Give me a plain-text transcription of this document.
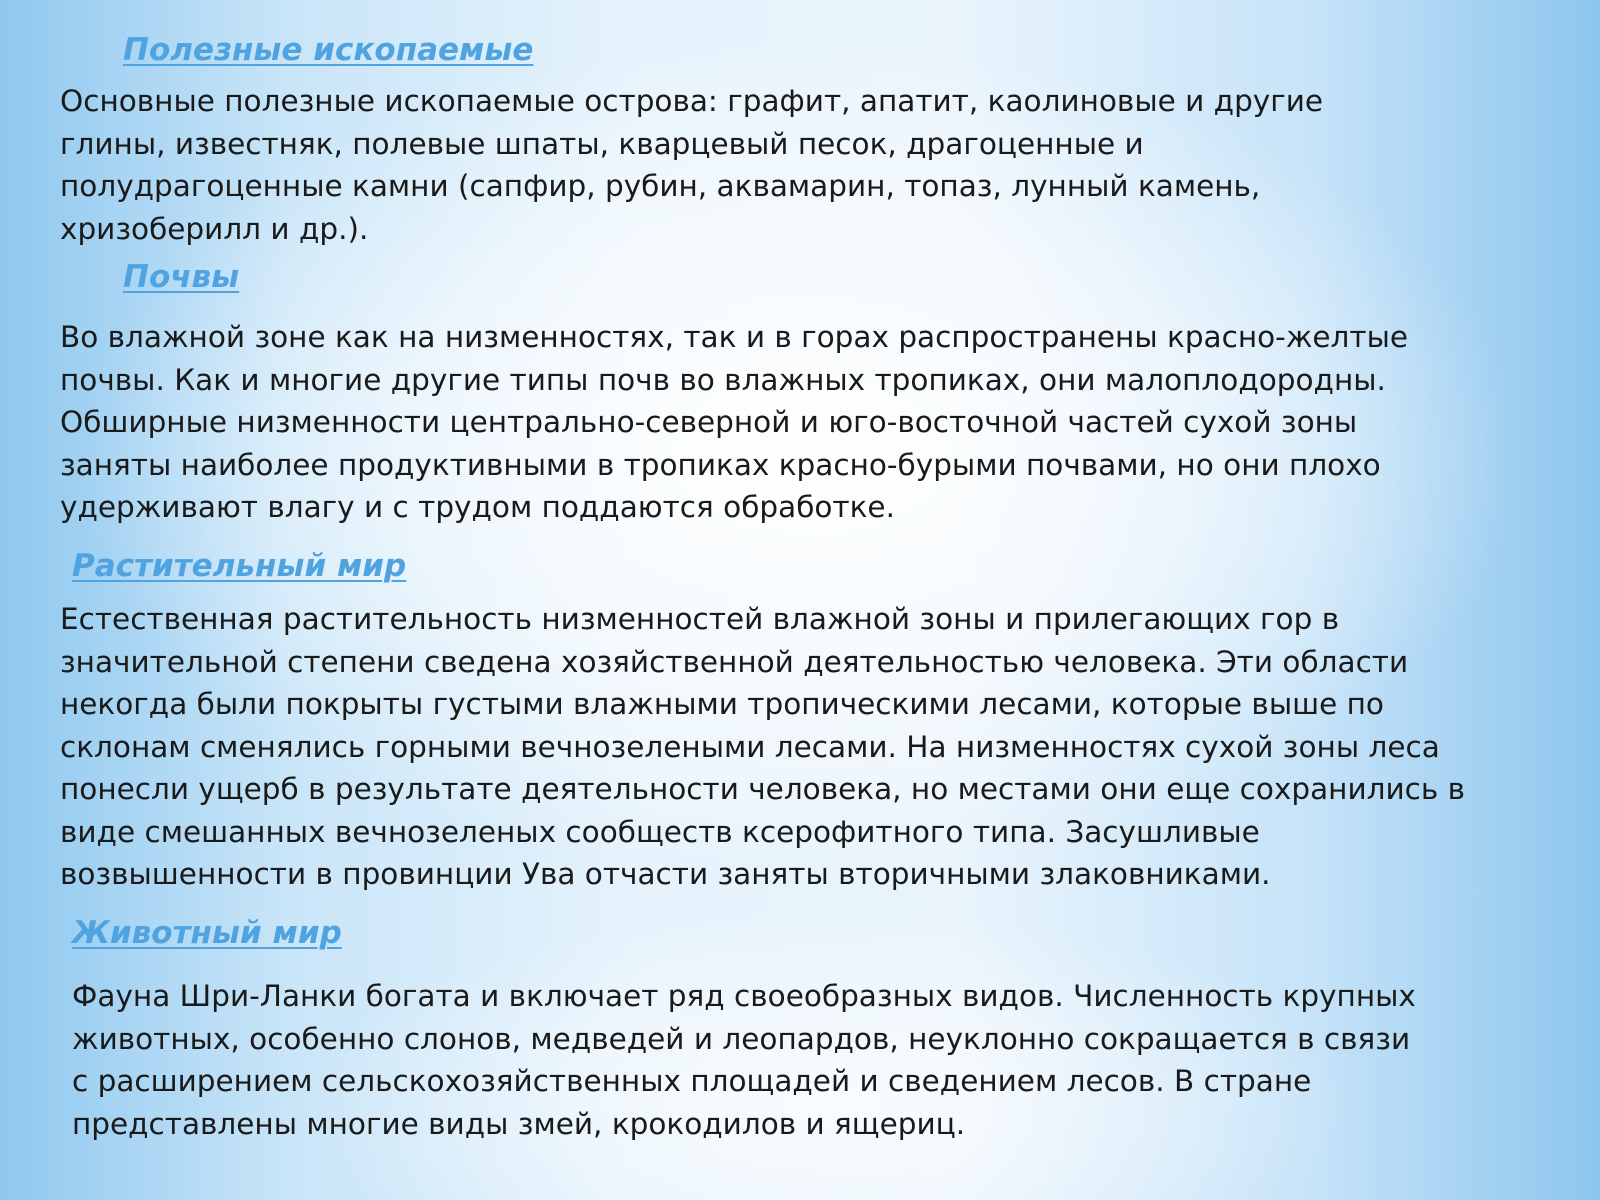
Полезные ископаемые
Основные полезные ископаемые острова: графит, апатит, каолиновые и другие
глины, известняк, полевые шпаты, кварцевый песок, драгоценные и
полудрагоценные камни (сапфир, рубин, аквамарин, топаз, лунный камень,
хризоберилл и др.).
Почвы
Во влажной зоне как на низменностях, так и в горах распространены красно-желтые
почвы. Как и многие другие типы почв во влажных тропиках, они малоплодородны.
Обширные низменности центрально-северной и юго-восточной частей сухой зоны
заняты наиболее продуктивными в тропиках красно-бурыми почвами, но они плохо
удерживают влагу и с трудом поддаются обработке.
Растительный мир
Естественная растительность низменностей влажной зоны и прилегающих гор в
значительной степени сведена хозяйственной деятельностью человека. Эти области
некогда были покрыты густыми влажными тропическими лесами, которые выше по
склонам сменялись горными вечнозелеными лесами. На низменностях сухой зоны леса
понесли ущерб в результате деятельности человека, но местами они еще сохранились в
виде смешанных вечнозеленых сообществ ксерофитного типа. Засушливые
возвышенности в провинции Ува отчасти заняты вторичными злаковниками.
Животный мир
Фауна Шри-Ланки богата и включает ряд своеобразных видов. Численность крупных
животных, особенно слонов, медведей и леопардов, неуклонно сокращается в связи
с расширением сельскохозяйственных площадей и сведением лесов. В стране
представлены многие виды змей, крокодилов и ящериц.
